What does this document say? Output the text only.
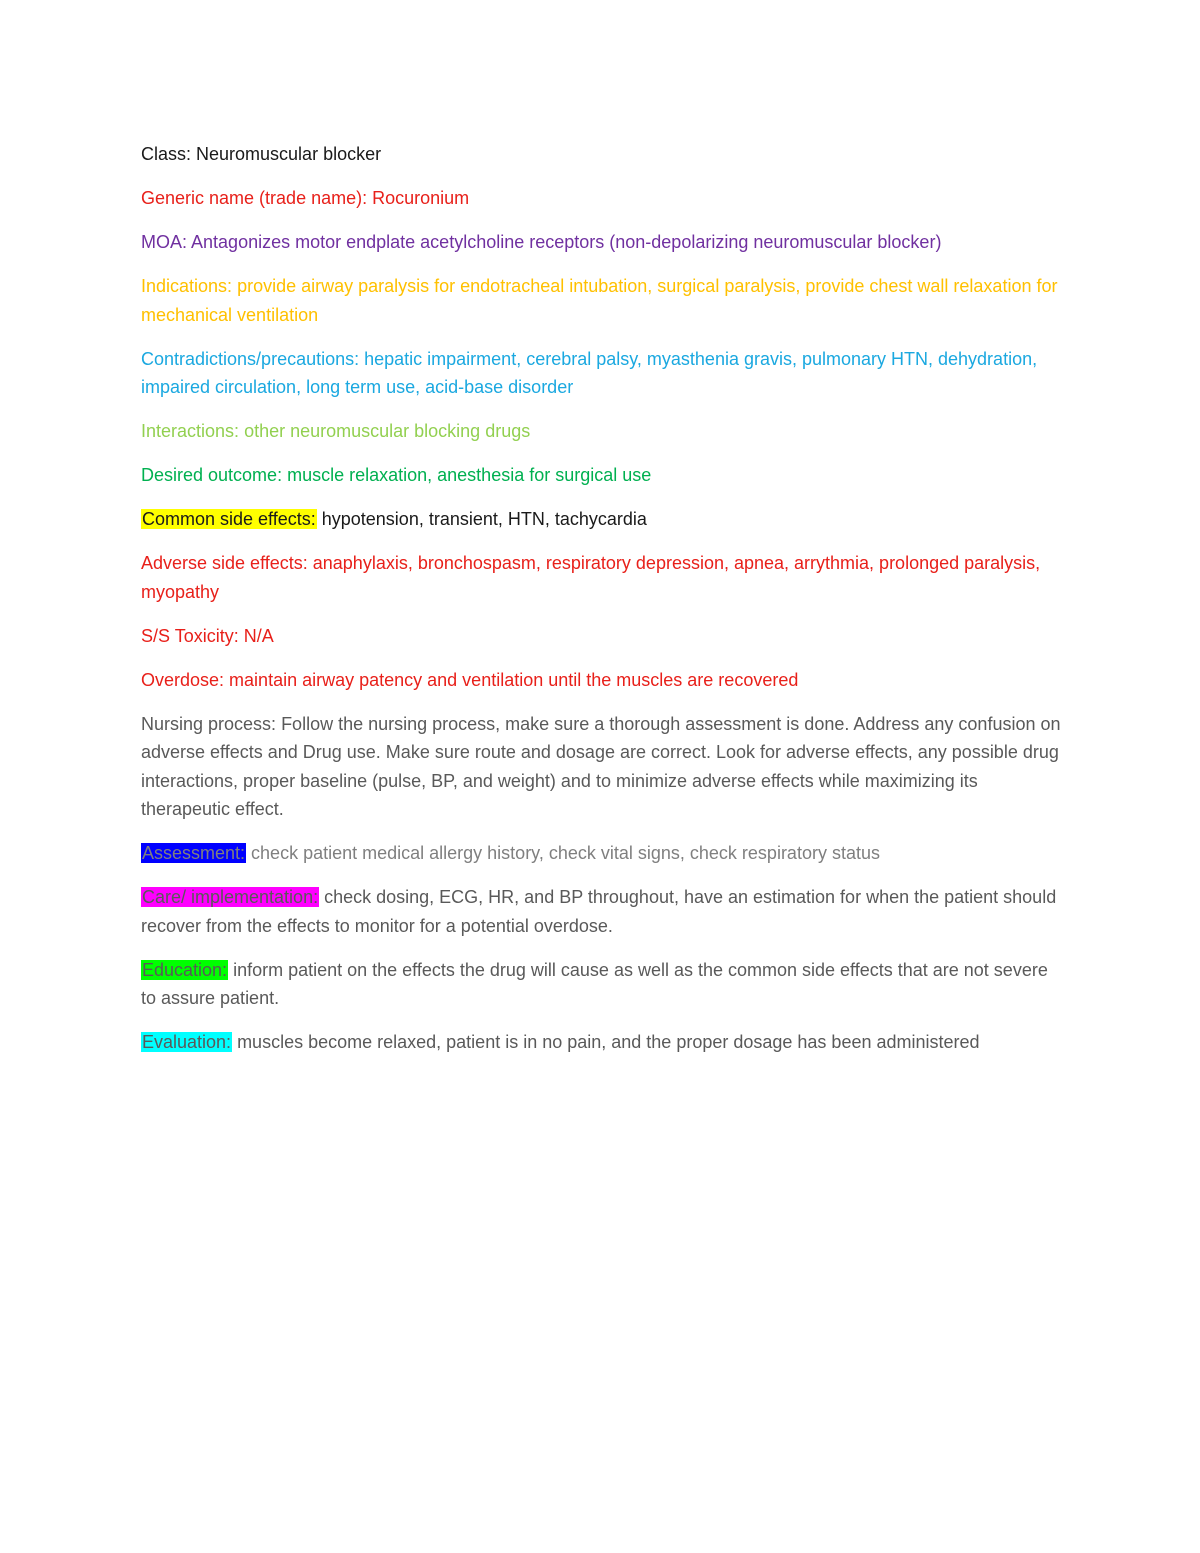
Class: Neuromuscular blocker

Generic name (trade name): Rocuronium

MOA: Antagonizes motor endplate acetylcholine receptors (non-depolarizing neuromuscular blocker)

Indications: provide airway paralysis for endotracheal intubation, surgical paralysis, provide chest wall relaxation for mechanical ventilation

Contradictions/precautions: hepatic impairment, cerebral palsy, myasthenia gravis, pulmonary HTN, dehydration, impaired circulation, long term use, acid-base disorder

Interactions: other neuromuscular blocking drugs

Desired outcome: muscle relaxation, anesthesia for surgical use

Common side effects: hypotension, transient, HTN, tachycardia

Adverse side effects: anaphylaxis, bronchospasm, respiratory depression, apnea, arrythmia, prolonged paralysis, myopathy

S/S Toxicity: N/A

Overdose: maintain airway patency and ventilation until the muscles are recovered

Nursing process: Follow the nursing process, make sure a thorough assessment is done. Address any confusion on adverse effects and Drug use. Make sure route and dosage are correct. Look for adverse effects, any possible drug interactions, proper baseline (pulse, BP, and weight) and to minimize adverse effects while maximizing its therapeutic effect.

Assessment: check patient medical allergy history, check vital signs, check respiratory status

Care/ implementation: check dosing, ECG, HR, and BP throughout, have an estimation for when the patient should recover from the effects to monitor for a potential overdose.

Education: inform patient on the effects the drug will cause as well as the common side effects that are not severe to assure patient.

Evaluation: muscles become relaxed, patient is in no pain, and the proper dosage has been administered
